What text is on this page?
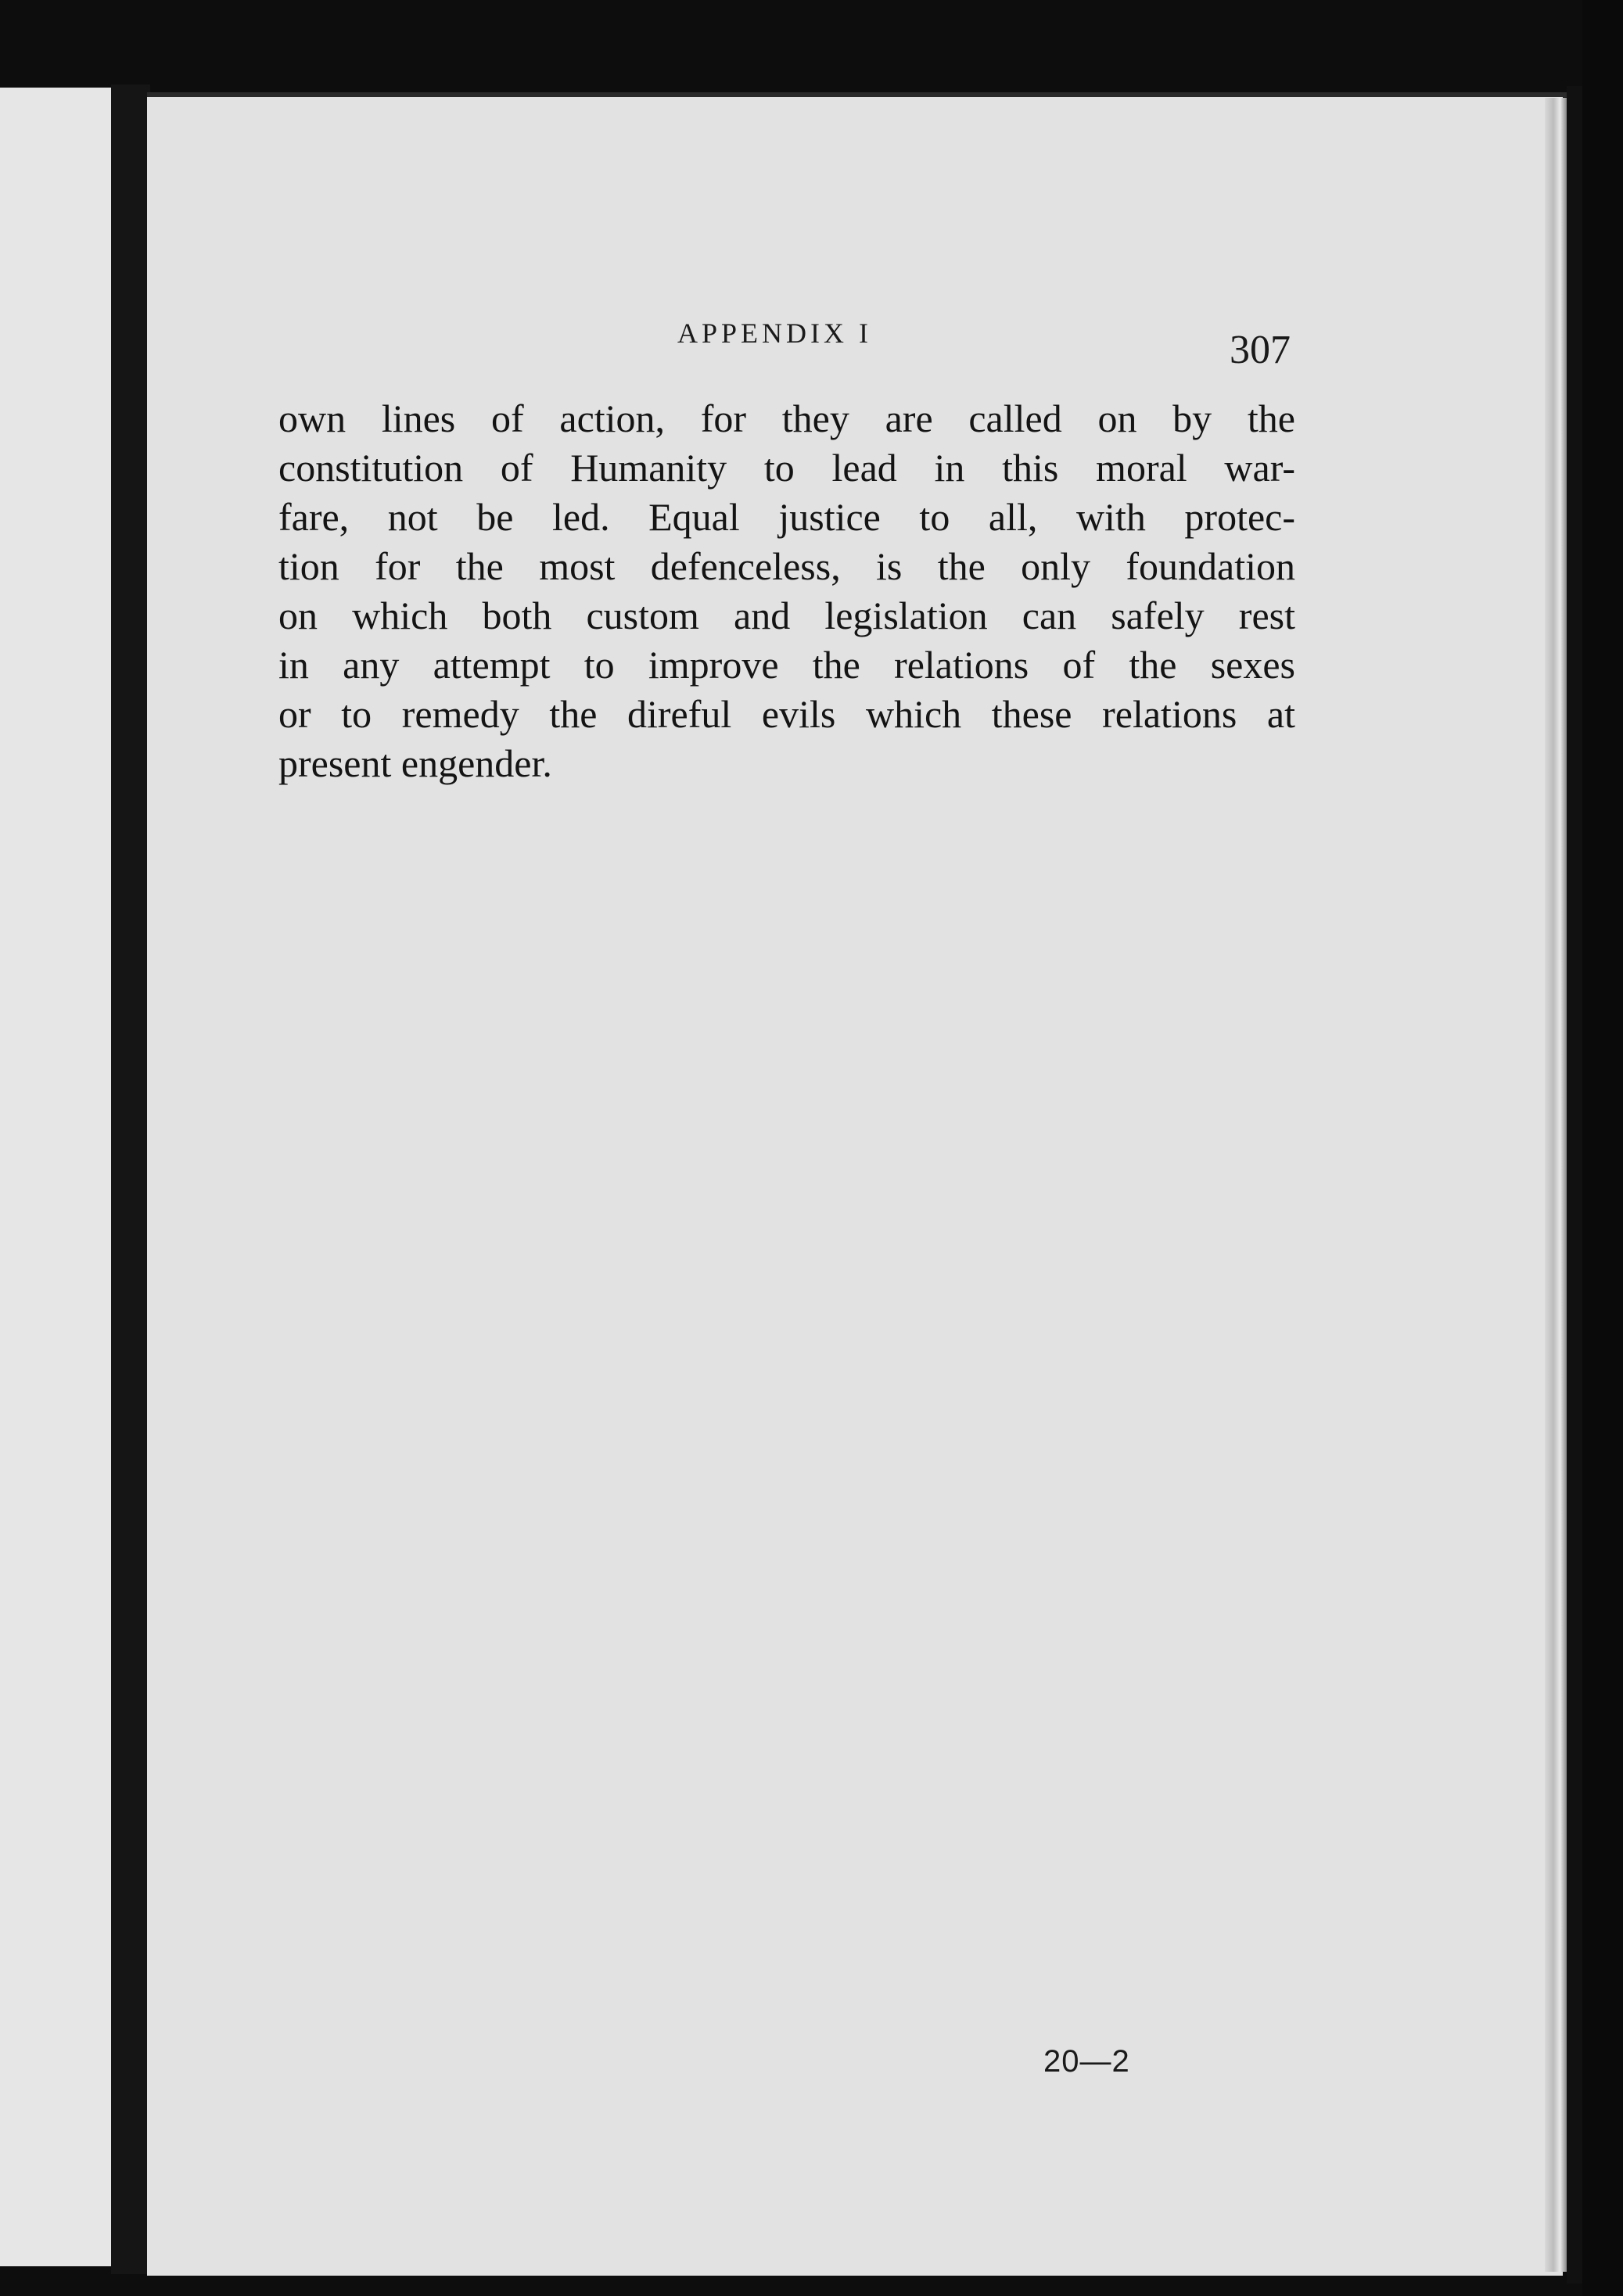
APPENDIX I	307

own lines of action, for they are called on by the
constitution of Humanity to lead in this moral war-
fare, not be led. Equal justice to all, with protec-
tion for the most defenceless, is the only foundation
on which both custom and legislation can safely rest
in any attempt to improve the relations of the sexes
or to remedy the direful evils which these relations at
present engender.

20—2
